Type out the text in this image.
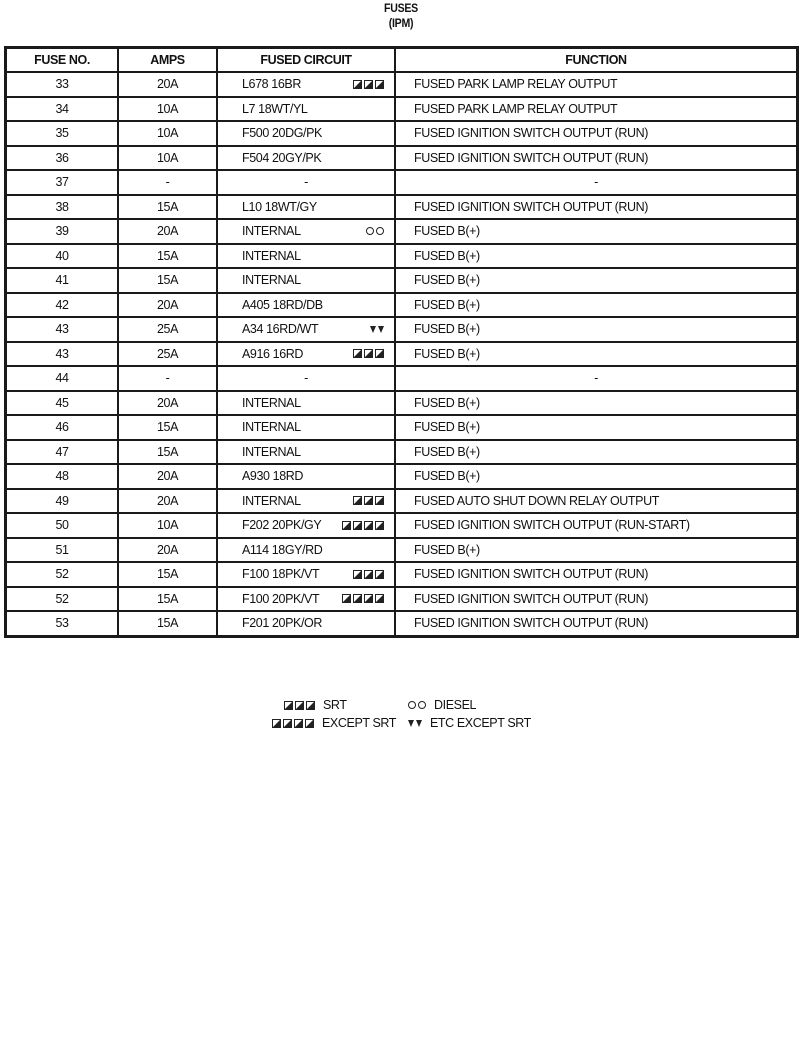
FUSES
(IPM)
FUSE NO.	AMPS	FUSED CIRCUIT	FUNCTION
33	20A	L678 16BR	FUSED PARK LAMP RELAY OUTPUT
34	10A	L7 18WT/YL	FUSED PARK LAMP RELAY OUTPUT
35	10A	F500 20DG/PK	FUSED IGNITION SWITCH OUTPUT (RUN)
36	10A	F504 20GY/PK	FUSED IGNITION SWITCH OUTPUT (RUN)
37	-	-	-
38	15A	L10 18WT/GY	FUSED IGNITION SWITCH OUTPUT (RUN)
39	20A	INTERNAL	FUSED B(+)
40	15A	INTERNAL	FUSED B(+)
41	15A	INTERNAL	FUSED B(+)
42	20A	A405 18RD/DB	FUSED B(+)
43	25A	A34 16RD/WT	FUSED B(+)
43	25A	A916 16RD	FUSED B(+)
44	-	-	-
45	20A	INTERNAL	FUSED B(+)
46	15A	INTERNAL	FUSED B(+)
47	15A	INTERNAL	FUSED B(+)
48	20A	A930 18RD	FUSED B(+)
49	20A	INTERNAL	FUSED AUTO SHUT DOWN RELAY OUTPUT
50	10A	F202 20PK/GY	FUSED IGNITION SWITCH OUTPUT (RUN-START)
51	20A	A114 18GY/RD	FUSED B(+)
52	15A	F100 18PK/VT	FUSED IGNITION SWITCH OUTPUT (RUN)
52	15A	F100 20PK/VT	FUSED IGNITION SWITCH OUTPUT (RUN)
53	15A	F201 20PK/OR	FUSED IGNITION SWITCH OUTPUT (RUN)
SRT	DIESEL
EXCEPT SRT	ETC EXCEPT SRT
